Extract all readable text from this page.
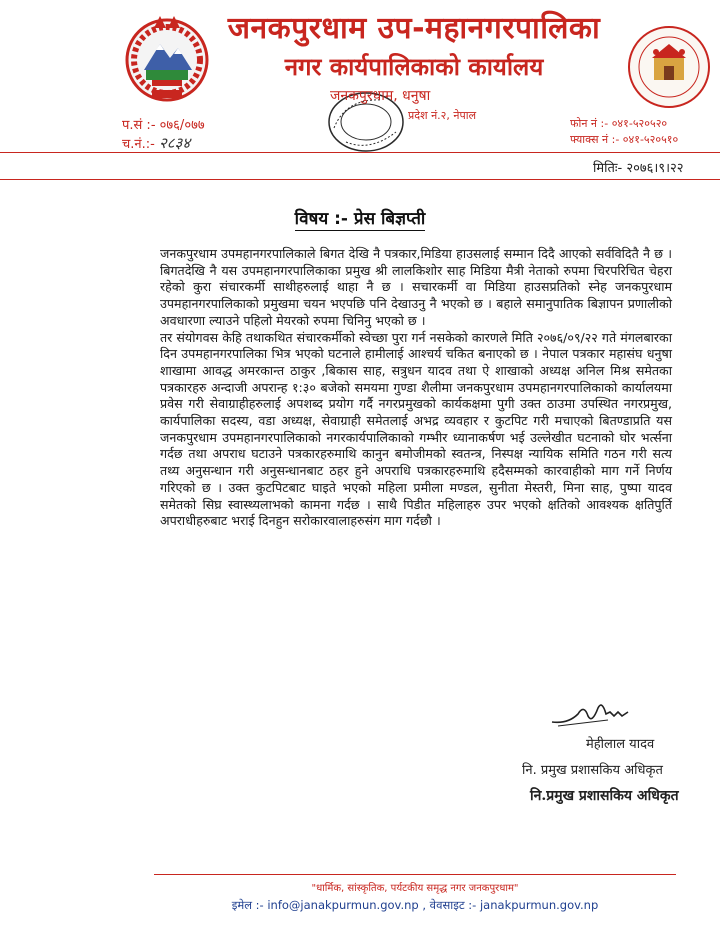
जनकपुरधाम उप-महानगरपालिका
नगर कार्यपालिकाको कार्यालय
जनकपुरधाम, धनुषा
प्रदेश नं.२, नेपाल
प.सं :- ०७६/०७७
च.नं.:- २८३४
फोन नं :- ०४१-५२०५२०
फ्याक्स नं :- ०४१-५२०५१०
मितिः- २०७६।९।२२
विषय :- प्रेस बिज्ञप्ती

जनकपुरधाम उपमहानगरपालिकाले बिगत देखि नै पत्रकार,मिडिया हाउसलाई सम्मान दिदै आएको सर्वविदितै नै छ । बिगतदेखि नै यस उपमहानगरपालिकाका प्रमुख श्री लालकिशोर साह मिडिया मैत्री नेताको रुपमा चिरपरिचित चेहरा रहेको कुरा संचारकर्मी साथीहरुलाई थाहा नै छ । सचारकर्मी वा मिडिया हाउसप्रतिको स्नेह जनकपुरधाम उपमहानगरपालिकाको प्रमुखमा चयन भएपछि पनि देखाउनु नै भएको छ । बहाले समानुपातिक बिज्ञापन प्रणालीको अवधारणा ल्याउने पहिलो मेयरको रुपमा चिनिनु भएको छ ।

तर संयोगवस केहि तथाकथित संचारकर्मीको स्वेच्छा पुरा गर्न नसकेको कारणले मिति २०७६/०९/२२ गते मंगलबारका दिन उपमहानगरपालिका भित्र भएको घटनाले हामीलाई आश्चर्य चकित बनाएको छ । नेपाल पत्रकार महासंघ धनुषा शाखामा आवद्ध अमरकान्त ठाकुर ,बिकास साह, सत्रुधन यादव तथा ऐ शाखाको अध्यक्ष अनिल मिश्र समेतका पत्रकारहरु अन्दाजी अपरान्ह १:३० बजेको समयमा गुण्डा शैलीमा जनकपुरधाम उपमहानगरपालिकाको कार्यालयमा प्रवेस गरी सेवाग्राहीहरुलाई अपशब्द प्रयोग गर्दै नगरप्रमुखको कार्यकक्षमा पुगी उक्त ठाउमा उपस्थित नगरप्रमुख, कार्यपालिका सदस्य, वडा अध्यक्ष, सेवाग्राही समेतलाई अभद्र व्यवहार र कुटपिट गरी मचाएको बितण्डाप्रति यस जनकपुरधाम उपमहानगरपालिकाको नगरकार्यपालिकाको गम्भीर ध्यानाकर्षण भई उल्लेखीत घटनाको घोर भर्त्सना गर्दछ तथा अपराध घटाउने पत्रकारहरुमाथि कानुन बमोजीमको स्वतन्त्र, निस्पक्ष न्यायिक समिति गठन गरी सत्य तथ्य अनुसन्धान गरी अनुसन्धानबाट ठहर हुने अपराधि पत्रकारहरुमाथि हदैसम्मको कारवाहीको माग गर्ने निर्णय गरिएको छ । उक्त कुटपिटबाट घाइते भएको महिला प्रमीला मण्डल, सुनीता मेस्तरी, मिना साह, पुष्पा यादव समेतको सिघ्र स्वास्थ्यलाभको कामना गर्दछ । साथै पिडीत महिलाहरु उपर भएको क्षतिको आवश्यक क्षतिपुर्ति अपराधीहरुबाट भराई दिनहुन सरोकारवालाहरुसंग माग गर्दछौ ।

मेहीलाल यादव
नि. प्रमुख प्रशासकिय अधिकृत
नि.प्रमुख प्रशासकिय अधिकृत
"धार्मिक, सांस्कृतिक, पर्यटकीय समृद्ध नगर जनकपुरधाम"
इमेल :- info@janakpurmun.gov.np , वेवसाइट :- janakpurmun.gov.np
